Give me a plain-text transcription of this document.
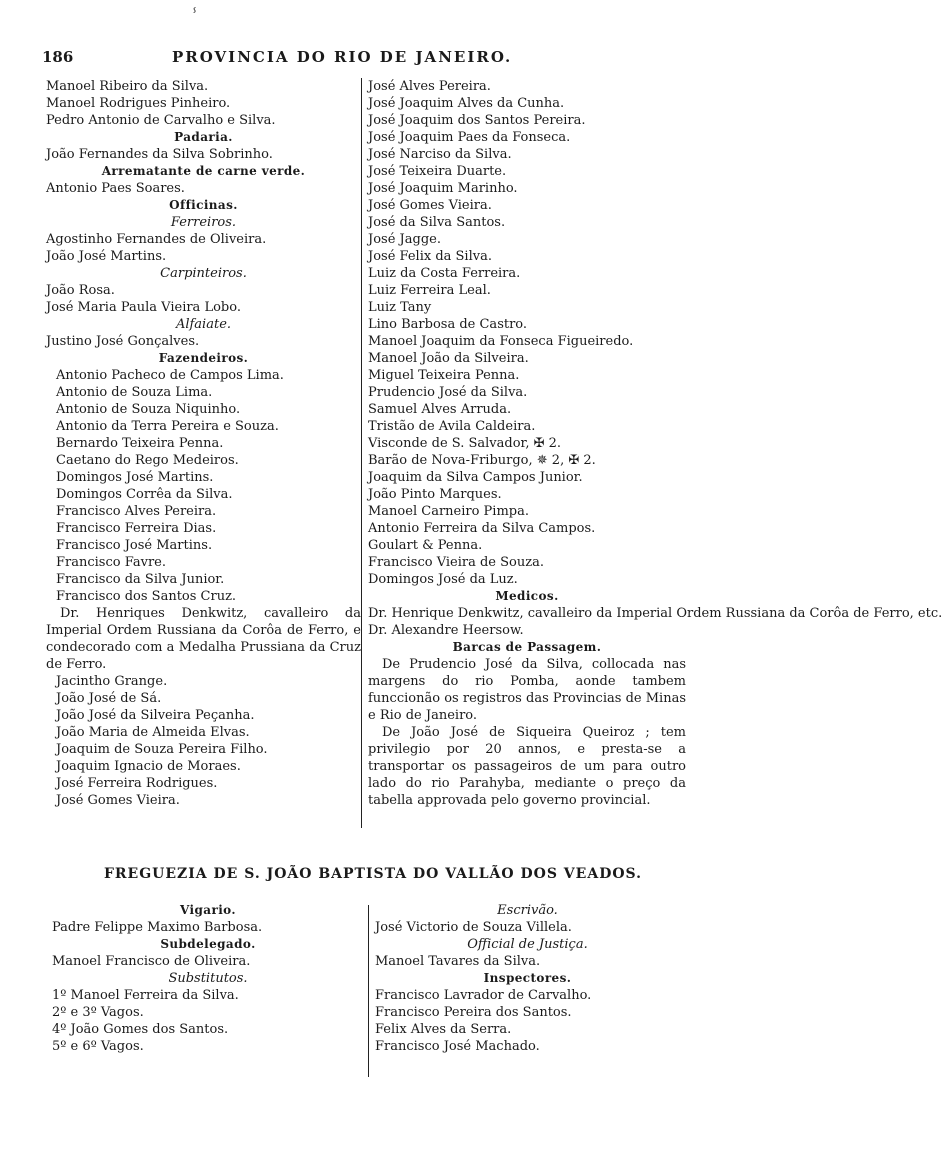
ⸯ
186	PROVINCIA DO RIO DE JANEIRO.
Manoel Ribeiro da Silva.
Manoel Rodrigues Pinheiro.
Pedro Antonio de Carvalho e Silva.
Padaria.
João Fernandes da Silva Sobrinho.
Arrematante de carne verde.
Antonio Paes Soares.
Officinas.
Ferreiros.
Agostinho Fernandes de Oliveira.
João José Martins.
Carpinteiros.
João Rosa.
José Maria Paula Vieira Lobo.
Alfaiate.
Justino José Gonçalves.
Fazendeiros.
Antonio Pacheco de Campos Lima.
Antonio de Souza Lima.
Antonio de Souza Niquinho.
Antonio da Terra Pereira e Souza.
Bernardo Teixeira Penna.
Caetano do Rego Medeiros.
Domingos José Martins.
Domingos Corrêa da Silva.
Francisco Alves Pereira.
Francisco Ferreira Dias.
Francisco José Martins.
Francisco Favre.
Francisco da Silva Junior.
Francisco dos Santos Cruz.
Dr. Henriques Denkwitz, cavalleiro da Imperial Ordem Russiana da Corôa de Ferro, e condecorado com a Medalha Prussiana da Cruz de Ferro.
Jacintho Grange.
João José de Sá.
João José da Silveira Peçanha.
João Maria de Almeida Elvas.
Joaquim de Souza Pereira Filho.
Joaquim Ignacio de Moraes.
José Ferreira Rodrigues.
José Gomes Vieira.
José Alves Pereira.
José Joaquim Alves da Cunha.
José Joaquim dos Santos Pereira.
José Joaquim Paes da Fonseca.
José Narciso da Silva.
José Teixeira Duarte.
José Joaquim Marinho.
José Gomes Vieira.
José da Silva Santos.
José Jagge.
José Felix da Silva.
Luiz da Costa Ferreira.
Luiz Ferreira Leal.
Luiz Tany
Lino Barbosa de Castro.
Manoel Joaquim da Fonseca Figueiredo.
Manoel João da Silveira.
Miguel Teixeira Penna.
Prudencio José da Silva.
Samuel Alves Arruda.
Tristão de Avila Caldeira.
Visconde de S. Salvador, ✠ 2.
Barão de Nova-Friburgo, ✵ 2, ✠ 2.
Joaquim da Silva Campos Junior.
João Pinto Marques.
Manoel Carneiro Pimpa.
Antonio Ferreira da Silva Campos.
Goulart & Penna.
Francisco Vieira de Souza.
Domingos José da Luz.
Medicos.
Dr. Henrique Denkwitz, cavalleiro da Imperial Ordem Russiana da Corôa de Ferro, etc.
Dr. Alexandre Heersow.
Barcas de Passagem.
De Prudencio José da Silva, collocada nas margens do rio Pomba, aonde tambem funccionão os registros das Provincias de Minas e Rio de Janeiro.
De João José de Siqueira Queiroz ; tem privilegio por 20 annos, e presta-se a transportar os passageiros de um para outro lado do rio Parahyba, mediante o preço da tabella approvada pelo governo provincial.
FREGUEZIA DE S. JOÃO BAPTISTA DO VALLÃO DOS VEADOS.
Vigario.
Padre Felippe Maximo Barbosa.
Subdelegado.
Manoel Francisco de Oliveira.
Substitutos.
1º Manoel Ferreira da Silva.
2º e 3º Vagos.
4º João Gomes dos Santos.
5º e 6º Vagos.
Escrivão.
José Victorio de Souza Villela.
Official de Justiça.
Manoel Tavares da Silva.
Inspectores.
Francisco Lavrador de Carvalho.
Francisco Pereira dos Santos.
Felix Alves da Serra.
Francisco José Machado.
